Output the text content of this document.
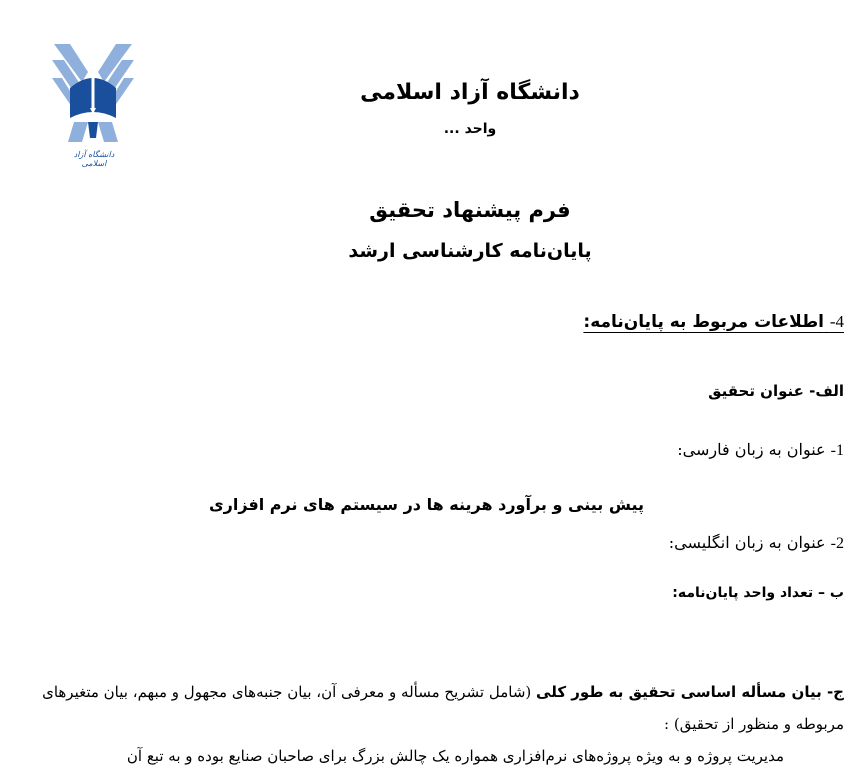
دانشگاه آزاد اسلامی
دانشگاه آزاد اسلامی
واحد ...
فرم پیشنهاد تحقیق
پایان‌نامه کارشناسی ارشد
4- اطلاعات مربوط به پایان‌نامه:
الف- عنوان تحقیق
1- عنوان به زبان فارسی:
پیش بینی و برآورد هرینه ها در سیستم های نرم افزاری
2- عنوان به زبان انگلیسی:
ب – تعداد واحد پایان‌نامه:
ج- بیان مسأله اساسی تحقیق به طور کلی (شامل تشریح مسأله و معرفی آن، بیان جنبه‌های مجهول و مبهم، بیان متغیرهای
مربوطه و منظور از تحقیق) :
مدیریت پروژه و به ویژه پروژه‌های نرم‌افزاری همواره یک چالش بزرگ برای صاحبان صنایع بوده و به تبع آن
